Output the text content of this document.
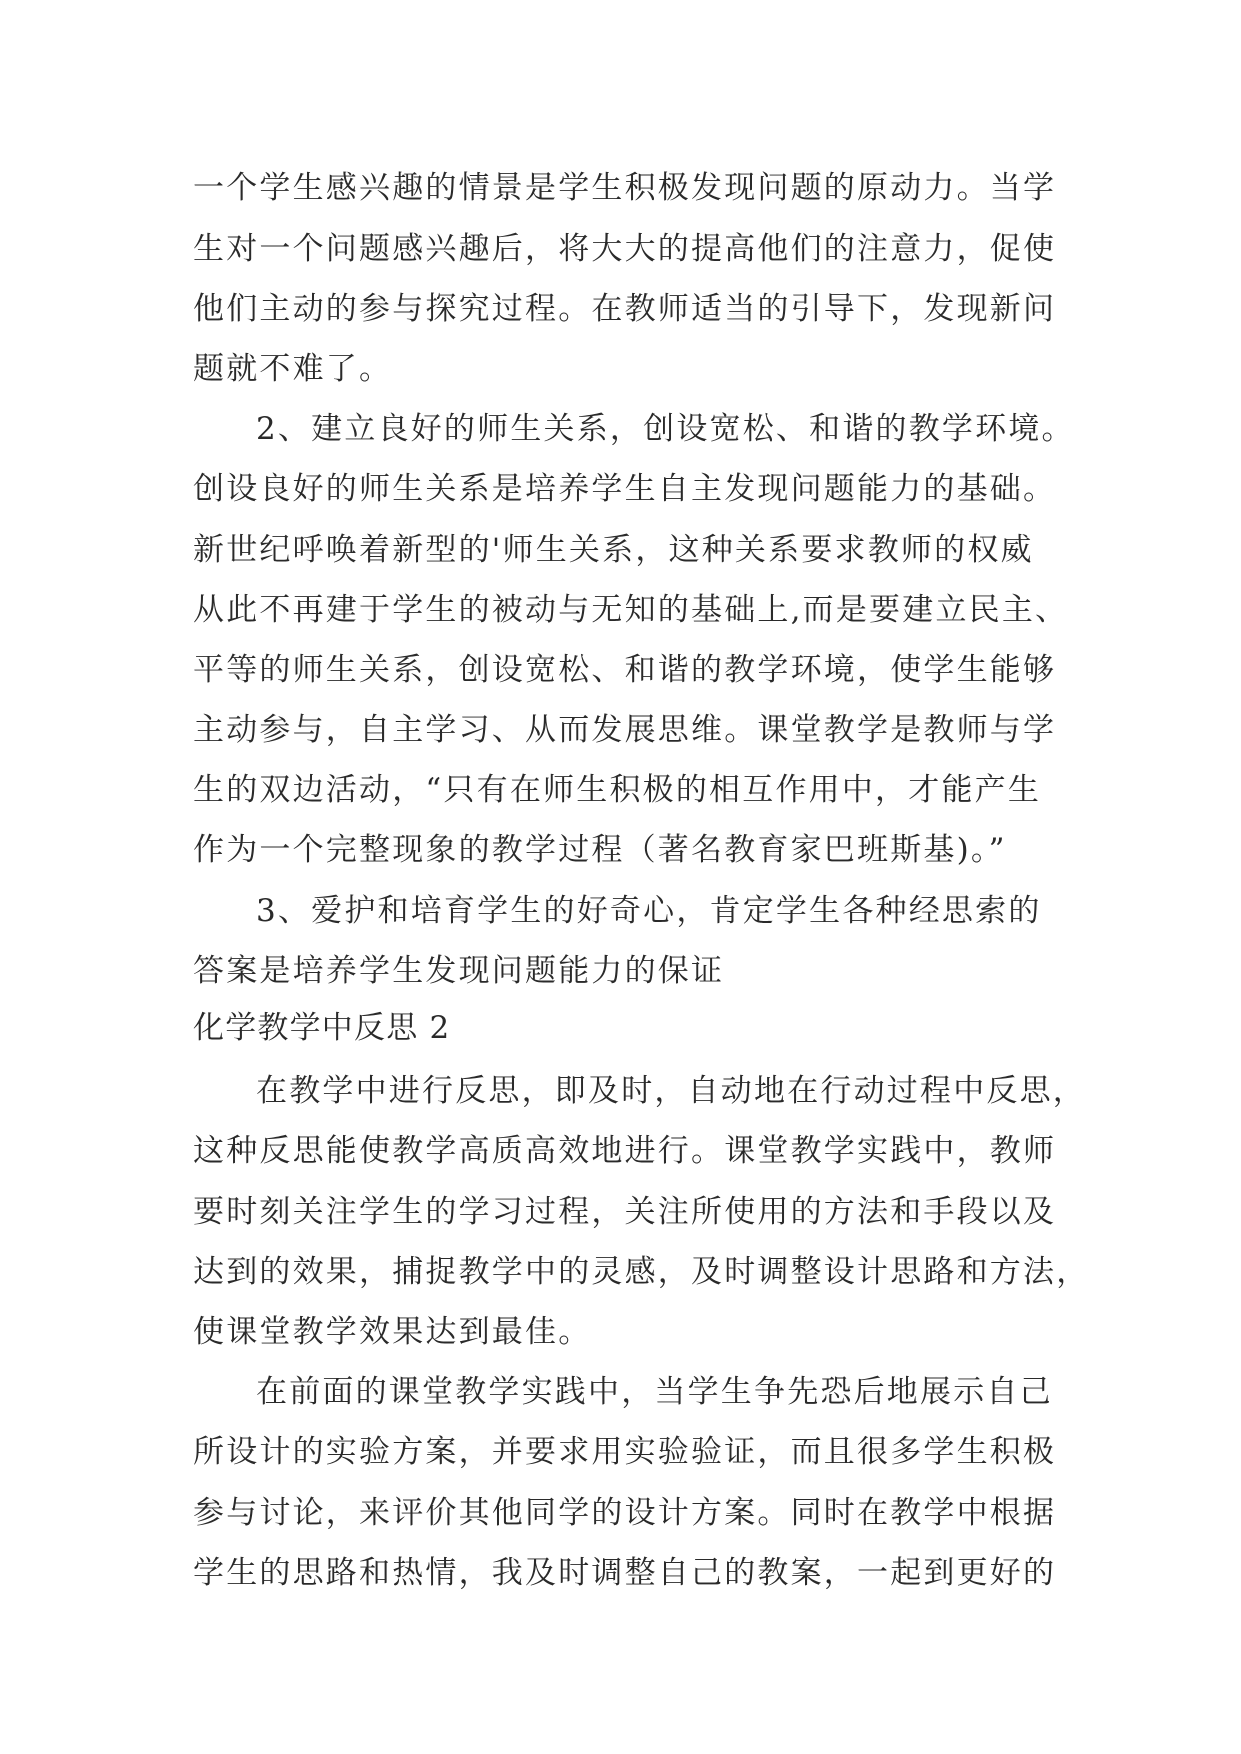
一个学生感兴趣的情景是学生积极发现问题的原动力。当学

生对一个问题感兴趣后，将大大的提高他们的注意力，促使

他们主动的参与探究过程。在教师适当的引导下，发现新问

题就不难了。

2、建立良好的师生关系，创设宽松、和谐的教学环境。

创设良好的师生关系是培养学生自主发现问题能力的基础。

新世纪呼唤着新型的'师生关系，这种关系要求教师的权威

从此不再建于学生的被动与无知的基础上,而是要建立民主、

平等的师生关系，创设宽松、和谐的教学环境，使学生能够

主动参与，自主学习、从而发展思维。课堂教学是教师与学

生的双边活动，“只有在师生积极的相互作用中，才能产生

作为一个完整现象的教学过程（著名教育家巴班斯基)。”

3、爱护和培育学生的好奇心，肯定学生各种经思索的

答案是培养学生发现问题能力的保证

化学教学中反思 2

在教学中进行反思，即及时，自动地在行动过程中反思，

这种反思能使教学高质高效地进行。课堂教学实践中，教师

要时刻关注学生的学习过程，关注所使用的方法和手段以及

达到的效果，捕捉教学中的灵感，及时调整设计思路和方法，

使课堂教学效果达到最佳。

在前面的课堂教学实践中，当学生争先恐后地展示自己

所设计的实验方案，并要求用实验验证，而且很多学生积极

参与讨论，来评价其他同学的设计方案。同时在教学中根据

学生的思路和热情，我及时调整自己的教案，一起到更好的
